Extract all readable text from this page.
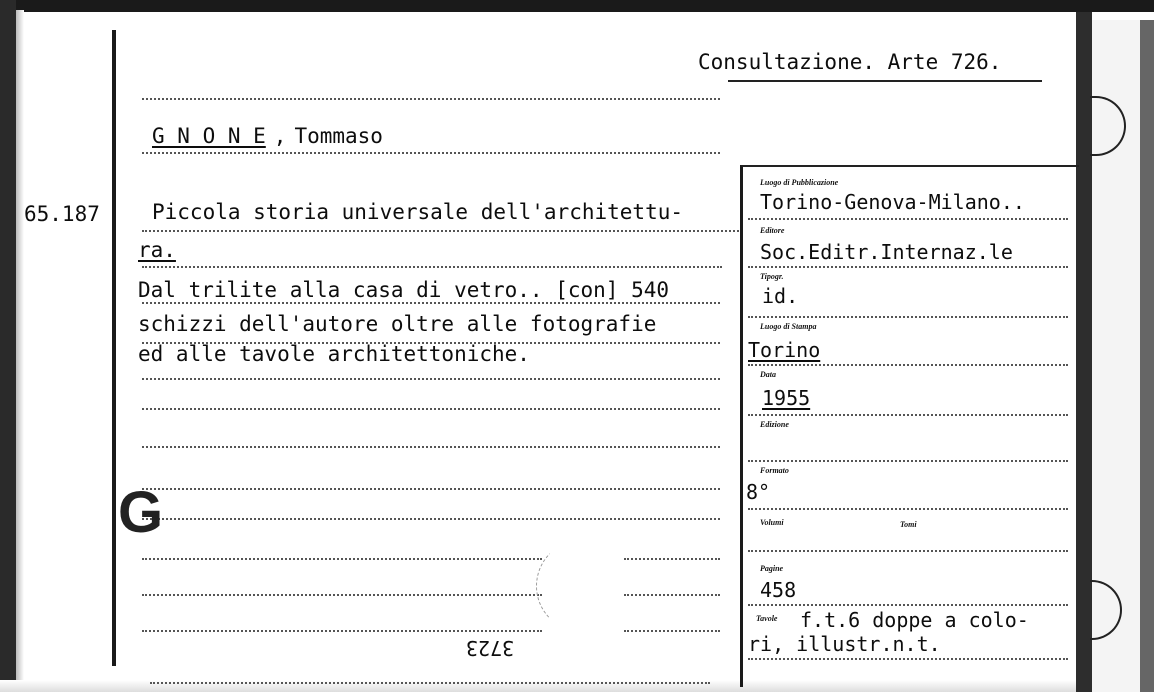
Consultazione. Arte 726.
G N O N E , Tommaso
65.187 Piccola storia universale dell'architettu-
ra.
Dal trilite alla casa di vetro.. [con] 540
schizzi dell'autore oltre alle fotografie
ed alle tavole architettoniche.
G
3723
Luogo di Pubblicazione
Torino-Genova-Milano..
Editore
Soc.Editr.Internaz.le
Tipogr.
id.
Luogo di Stampa
Torino
Data
1955
Edizione
Formato
8°
Volumi	Tomi
Pagine
458
Tavole f.t.6 doppe a colo-
ri, illustr.n.t.
